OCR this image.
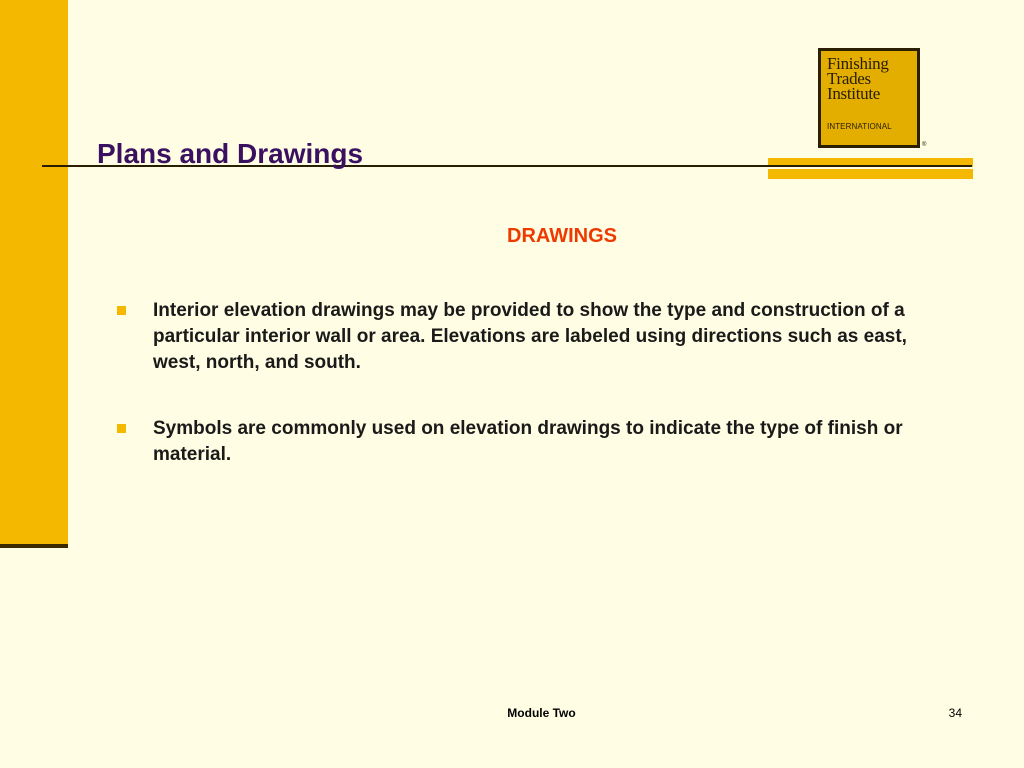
Finishing
Trades
Institute
INTERNATIONAL
®
Plans and Drawings
DRAWINGS
Interior elevation drawings may be provided to show the type and construction of a particular interior wall or area. Elevations are labeled using directions such as east, west, north, and south.
Symbols are commonly used on elevation drawings to indicate the type of finish or material.
Module Two	34
